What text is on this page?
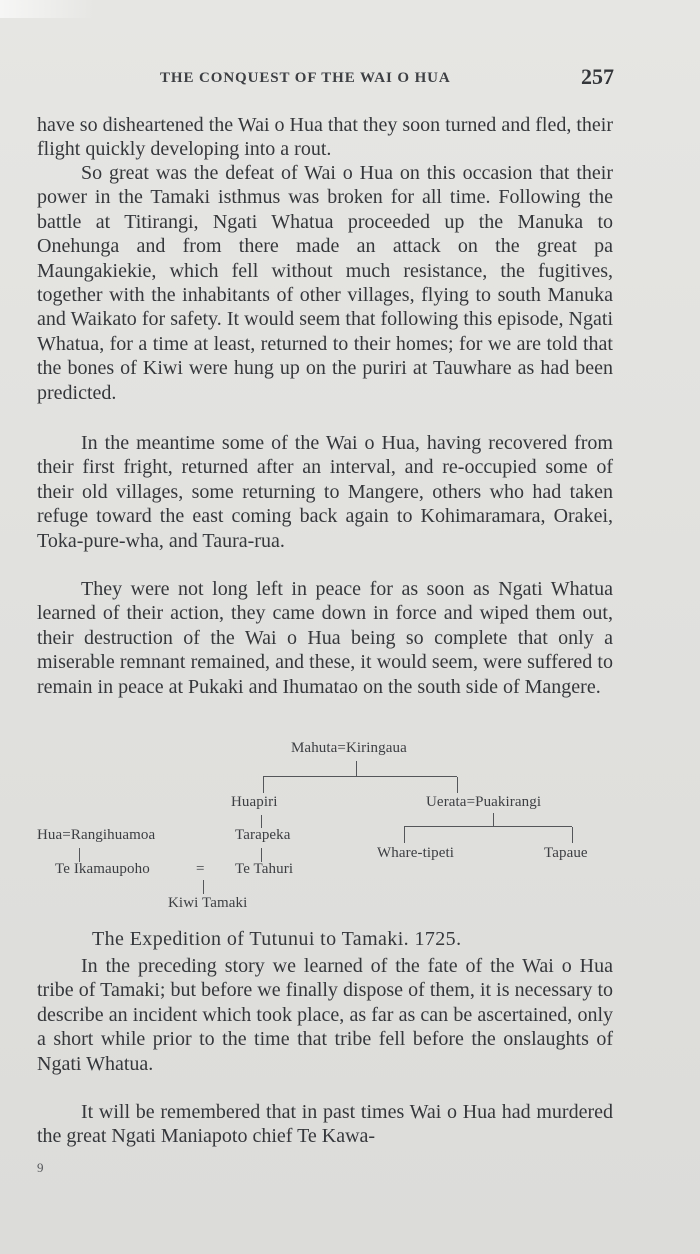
THE CONQUEST OF THE WAI O HUA	257

have so disheartened the Wai o Hua that they soon turned and fled, their flight quickly developing into a rout.

So great was the defeat of Wai o Hua on this occasion that their power in the Tamaki isthmus was broken for all time. Following the battle at Titirangi, Ngati Whatua proceeded up the Manuka to Onehunga and from there made an attack on the great pa Maungakiekie, which fell without much resistance, the fugitives, together with the inhabitants of other villages, flying to south Manuka and Waikato for safety. It would seem that following this episode, Ngati Whatua, for a time at least, returned to their homes; for we are told that the bones of Kiwi were hung up on the puriri at Tauwhare as had been predicted.

In the meantime some of the Wai o Hua, having recovered from their first fright, returned after an interval, and re-occupied some of their old villages, some returning to Mangere, others who had taken refuge toward the east coming back again to Kohimaramara, Orakei, Toka-pure-wha, and Taura-rua.

They were not long left in peace for as soon as Ngati Whatua learned of their action, they came down in force and wiped them out, their destruction of the Wai o Hua being so complete that only a miserable remnant remained, and these, it would seem, were suffered to remain in peace at Pukaki and Ihumatao on the south side of Mangere.

Mahuta=Kiringaua
Huapiri	Uerata=Puakirangi
Hua=Rangihuamoa	Tarapeka
Whare-tipeti	Tapaue
Te Ikamaupoho	= Te Tahuri
Kiwi Tamaki
The Expedition of Tutunui to Tamaki. 1725.

In the preceding story we learned of the fate of the Wai o Hua tribe of Tamaki; but before we finally dispose of them, it is necessary to describe an incident which took place, as far as can be ascertained, only a short while prior to the time that tribe fell before the onslaughts of Ngati Whatua.

It will be remembered that in past times Wai o Hua had murdered the great Ngati Maniapoto chief Te Kawa-

9
